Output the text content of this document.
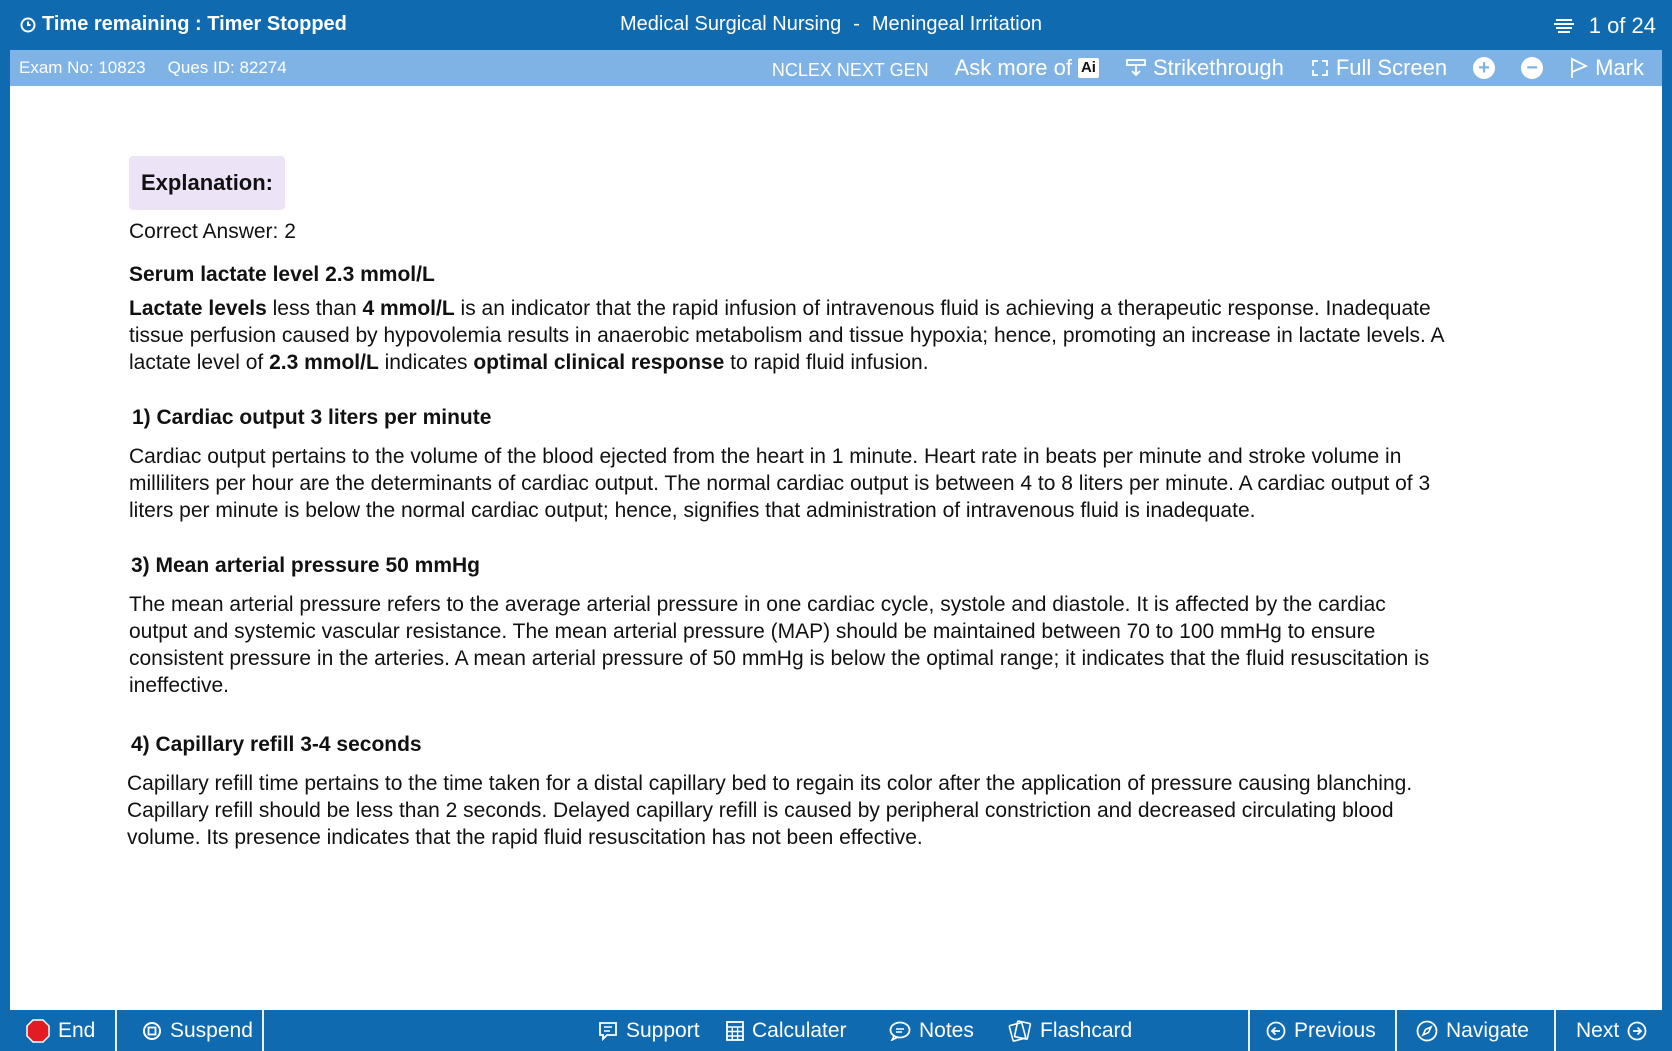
Time remaining : Timer Stopped	Medical Surgical Nursing - Meningeal Irritation	1 of 24
Exam No: 10823 Ques ID: 82274	NCLEX NEXT GEN Ask more of Ai	Strikethrough Full Screen + −	Mark
Explanation:
Correct Answer: 2
Serum lactate level 2.3 mmol/L

Lactate levels less than 4 mmol/L is an indicator that the rapid infusion of intravenous fluid is achieving a therapeutic response. Inadequate tissue perfusion caused by hypovolemia results in anaerobic metabolism and tissue hypoxia; hence, promoting an increase in lactate levels. A lactate level of 2.3 mmol/L indicates optimal clinical response to rapid fluid infusion.

1) Cardiac output 3 liters per minute

Cardiac output pertains to the volume of the blood ejected from the heart in 1 minute. Heart rate in beats per minute and stroke volume in milliliters per hour are the determinants of cardiac output. The normal cardiac output is between 4 to 8 liters per minute. A cardiac output of 3 liters per minute is below the normal cardiac output; hence, signifies that administration of intravenous fluid is inadequate.

3) Mean arterial pressure 50 mmHg

The mean arterial pressure refers to the average arterial pressure in one cardiac cycle, systole and diastole. It is affected by the cardiac output and systemic vascular resistance. The mean arterial pressure (MAP) should be maintained between 70 to 100 mmHg to ensure consistent pressure in the arteries. A mean arterial pressure of 50 mmHg is below the optimal range; it indicates that the fluid resuscitation is ineffective.

4) Capillary refill 3-4 seconds

Capillary refill time pertains to the time taken for a distal capillary bed to regain its color after the application of pressure causing blanching. Capillary refill should be less than 2 seconds. Delayed capillary refill is caused by peripheral constriction and decreased circulating blood volume. Its presence indicates that the rapid fluid resuscitation has not been effective.

End	Suspend	Support Calculater	Notes	Flashcard	Previous	Navigate Next
